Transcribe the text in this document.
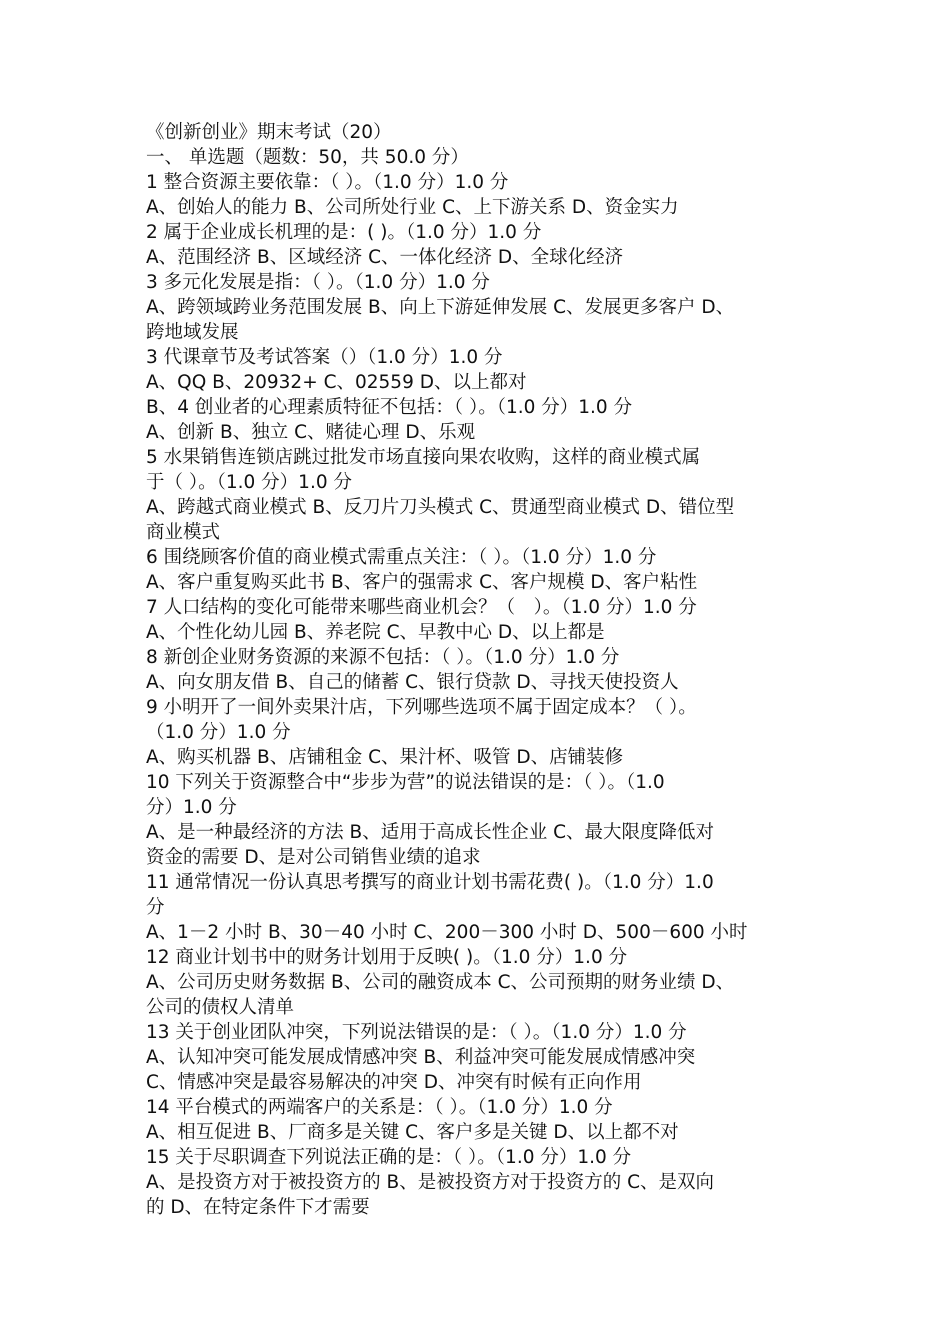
《创新创业》期末考试（20）
一、 单选题（题数：50，共 50.0 分）
1 整合资源主要依靠：（ ）。（1.0 分）1.0 分
A、创始人的能力 B、公司所处行业 C、上下游关系 D、资金实力
2 属于企业成长机理的是：( )。（1.0 分）1.0 分
A、范围经济 B、区域经济 C、一体化经济 D、全球化经济
3 多元化发展是指：（ ）。（1.0 分）1.0 分
A、跨领域跨业务范围发展 B、向上下游延伸发展 C、发展更多客户 D、
跨地域发展
3 代课章节及考试答案（）（1.0 分）1.0 分
A、QQ B、20932+ C、02559 D、以上都对
B、4 创业者的心理素质特征不包括：（ ）。（1.0 分）1.0 分
A、创新 B、独立 C、赌徒心理 D、乐观
5 水果销售连锁店跳过批发市场直接向果农收购，这样的商业模式属
于（ ）。（1.0 分）1.0 分
A、跨越式商业模式 B、反刀片刀头模式 C、贯通型商业模式 D、错位型
商业模式
6 围绕顾客价值的商业模式需重点关注：（ ）。（1.0 分）1.0 分
A、客户重复购买此书 B、客户的强需求 C、客户规模 D、客户粘性
7 人口结构的变化可能带来哪些商业机会？（　）。（1.0 分）1.0 分
A、个性化幼儿园 B、养老院 C、早教中心 D、以上都是
8 新创企业财务资源的来源不包括：（ ）。（1.0 分）1.0 分
A、向女朋友借 B、自己的储蓄 C、银行贷款 D、寻找天使投资人
9 小明开了一间外卖果汁店，下列哪些选项不属于固定成本？（ ）。
（1.0 分）1.0 分
A、购买机器 B、店铺租金 C、果汁杯、吸管 D、店铺装修
10 下列关于资源整合中“步步为营”的说法错误的是：（ ）。（1.0
分）1.0 分
A、是一种最经济的方法 B、适用于高成长性企业 C、最大限度降低对
资金的需要 D、是对公司销售业绩的追求
11 通常情况一份认真思考撰写的商业计划书需花费( )。（1.0 分）1.0
分
A、1－2 小时 B、30－40 小时 C、200－300 小时 D、500－600 小时
12 商业计划书中的财务计划用于反映( )。（1.0 分）1.0 分
A、公司历史财务数据 B、公司的融资成本 C、公司预期的财务业绩 D、
公司的债权人清单
13 关于创业团队冲突，下列说法错误的是：（ ）。（1.0 分）1.0 分
A、认知冲突可能发展成情感冲突 B、利益冲突可能发展成情感冲突
C、情感冲突是最容易解决的冲突 D、冲突有时候有正向作用
14 平台模式的两端客户的关系是：（ ）。（1.0 分）1.0 分
A、相互促进 B、厂商多是关键 C、客户多是关键 D、以上都不对
15 关于尽职调查下列说法正确的是：（ ）。（1.0 分）1.0 分
A、是投资方对于被投资方的 B、是被投资方对于投资方的 C、是双向
的 D、在特定条件下才需要
